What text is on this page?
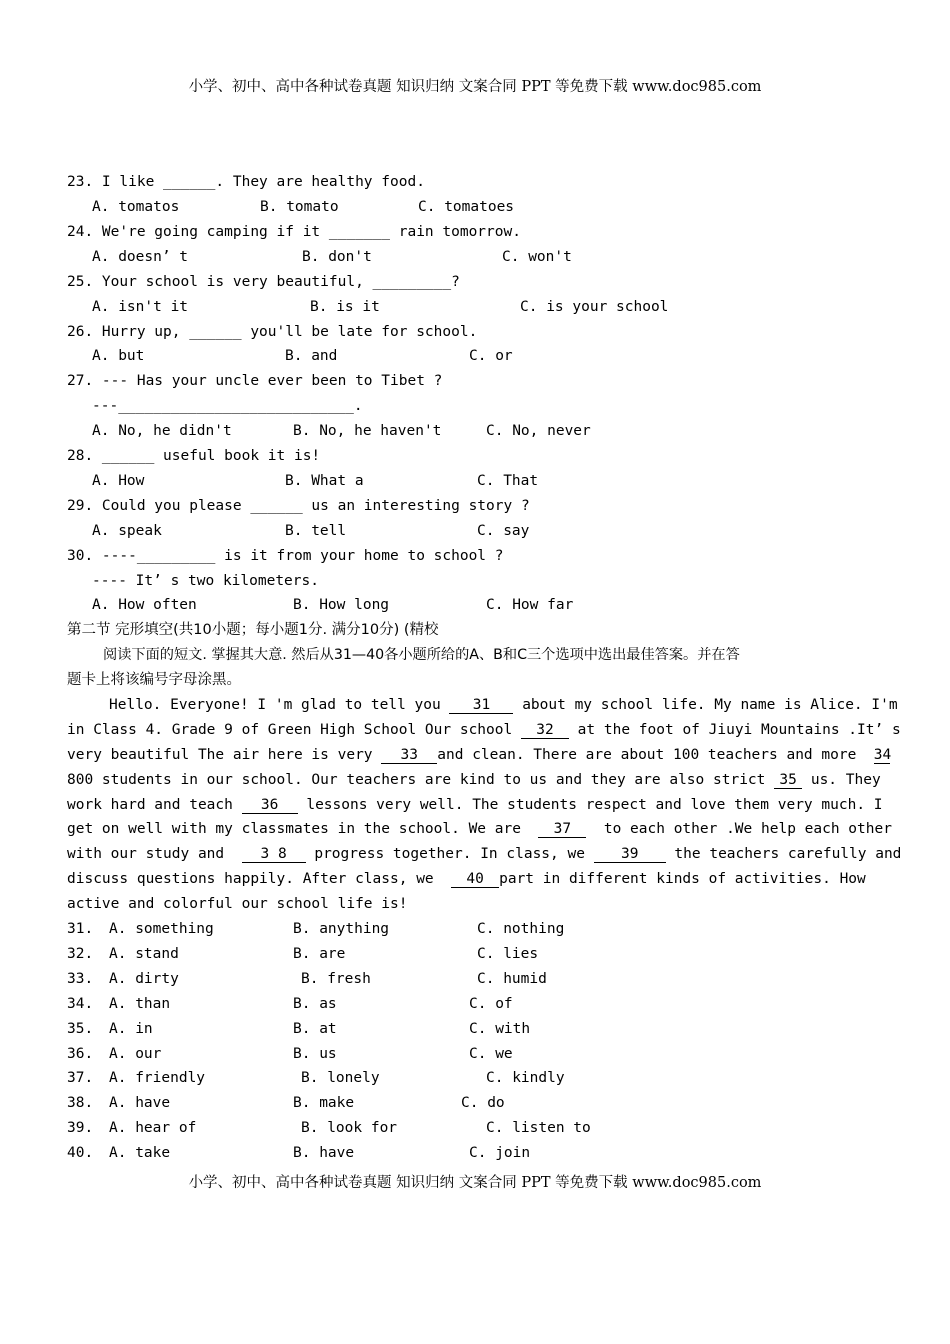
小学、初中、高中各种试卷真题 知识归纳 文案合同 PPT 等免费下载 www.doc985.com
23. I like ______. They are healthy food.
A. tomatos	B. tomato	C. tomatoes
24. We're going camping if it _______ rain tomorrow.
A. doesn’ t	B. don't	C. won't
25. Your school is very beautiful, _________?
A. isn't it	B. is it	C. is your school
26. Hurry up, ______ you'll be late for school.
A. but	B. and	C. or
27. --- Has your uncle ever been to Tibet ?
---___________________________.
A. No, he didn't	B. No, he haven't	C. No, never
28. ______ useful book it is!
A. How	B. What a	C. That
29. Could you please ______ us an interesting story ?
A. speak	B. tell	C. say
30. ----_________ is it from your home to school ?
---- It’ s two kilometers.
A. How often	B. How long	C. How far
第二节 完形填空(共10小题；每小题1分. 满分10分) (精校
阅读下面的短文. 掌握其大意. 然后从31—40各小题所给的A、B和C三个选项中选出最佳答案。并在答
题卡上将该编号字母涂黑。
Hello. Everyone! I 'm glad to tell you 31 about my school life. My name is Alice. I'm
in Class 4. Grade 9 of Green High School Our school 32 at the foot of Jiuyi Mountains .It’ s
very beautiful The air here is very 33 and clean. There are about 100 teachers and more  34
800 students in our school. Our teachers are kind to us and they are also strict 35 us. They
work hard and teach 36 lessons very well. The students respect and love them very much. I
get on well with my classmates in the school. We are  37  to each other .We help each other
with our study and  3 8 progress together. In class, we 39 the teachers carefully and
discuss questions happily. After class, we  40 part in different kinds of activities. How
active and colorful our school life is!
31. A. something	B. anything	C. nothing
32. A. stand	B. are	C. lies
33. A. dirty	B. fresh	C. humid
34. A. than	B. as	C. of
35. A. in	B. at	C. with
36. A. our	B. us	C. we
37. A. friendly	B. lonely	C. kindly
38. A. have	B. make	C. do
39. A. hear of	B. look for	C. listen to
40. A. take	B. have	C. join
小学、初中、高中各种试卷真题 知识归纳 文案合同 PPT 等免费下载 www.doc985.com
